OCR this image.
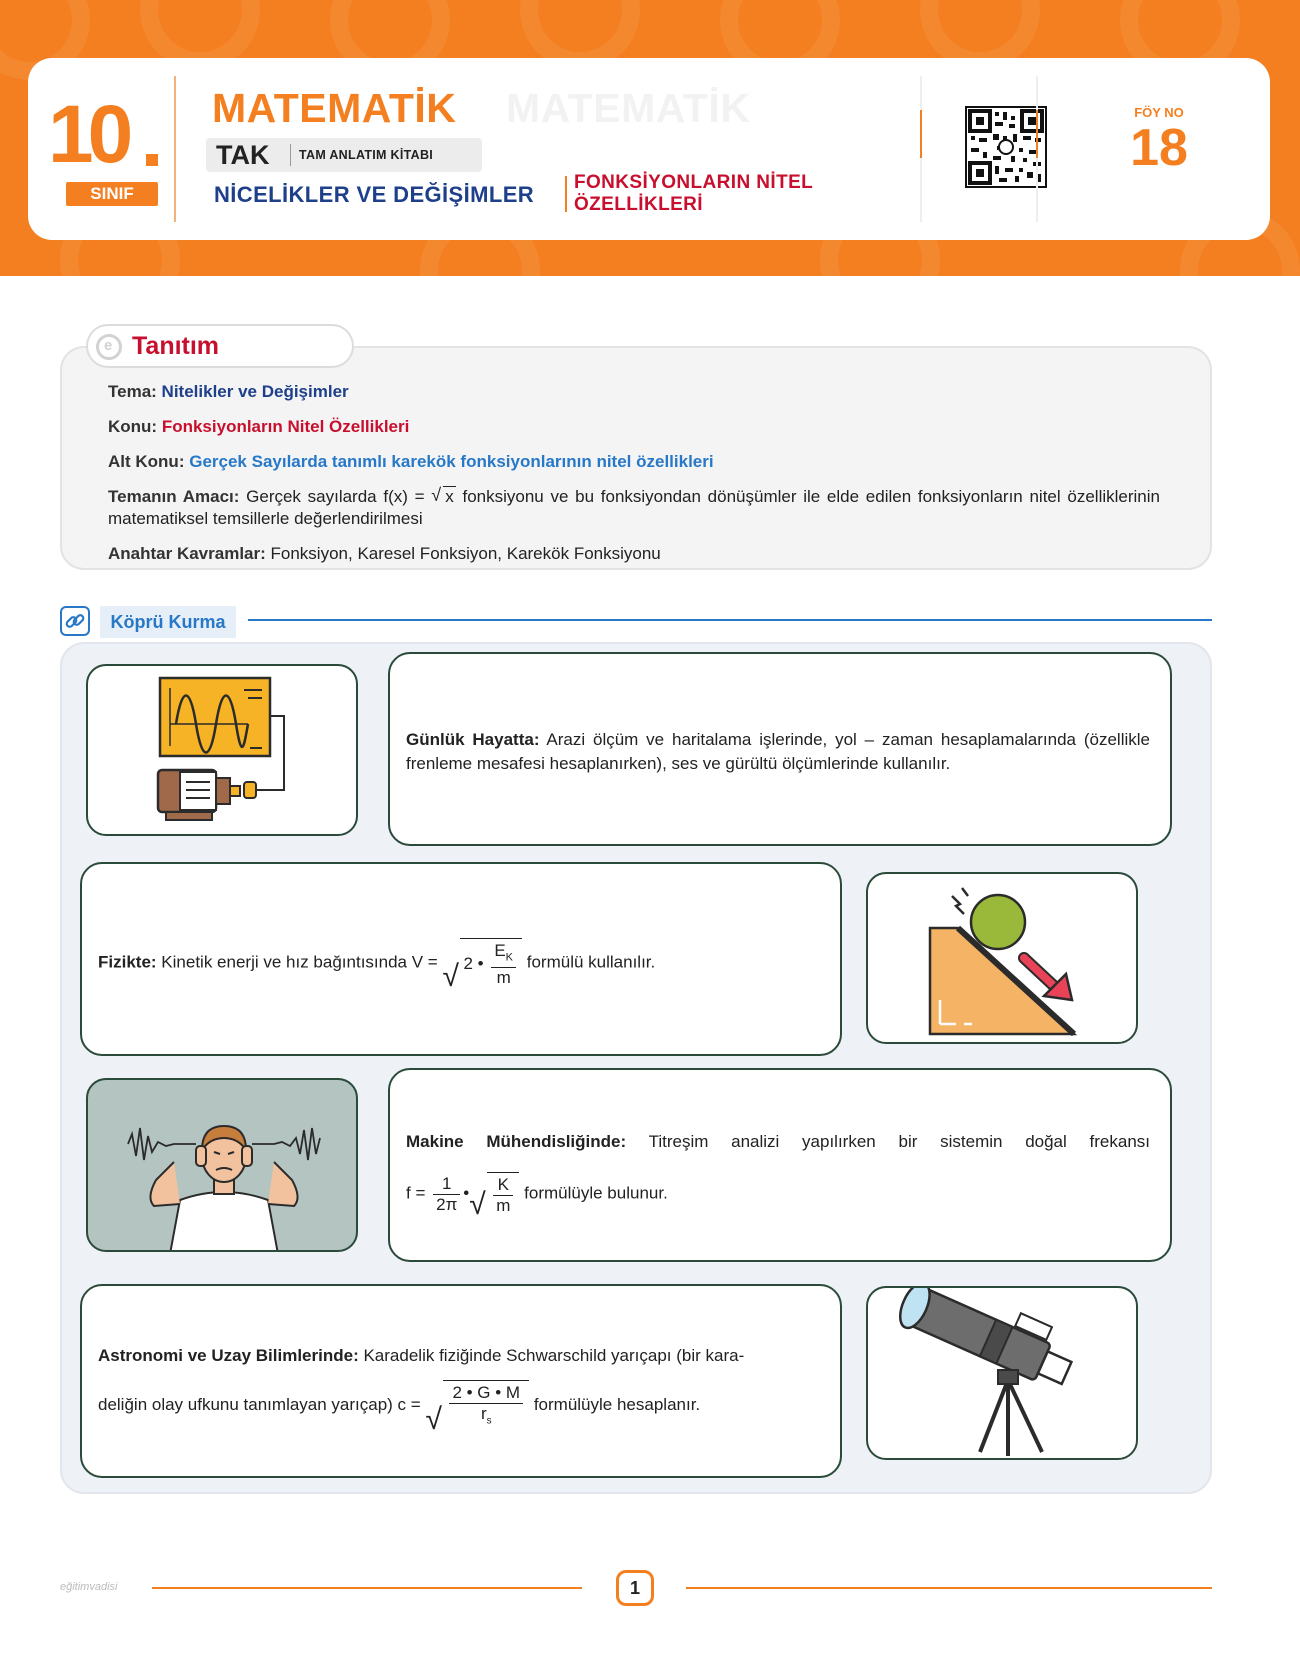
10
SINIF
MATEMATİK
MATEMATİK
TAK TAM ANLATIM KİTABI
NİCELİKLER VE DEĞİŞİMLER FONKSİYONLARIN NİTEL
ÖZELLİKLERİ
FÖY NO
18
e
Tanıtım
Tema: Nitelikler ve Değişimler
Konu: Fonksiyonların Nitel Özellikleri
Alt Konu: Gerçek Sayılarda tanımlı karekök fonksiyonlarının nitel özellikleri
Temanın Amacı: Gerçek sayılarda f(x) = √ x fonksiyonu ve bu fonksiyondan dönüşümler ile elde edilen fonksiyonların nitel özelliklerinin matematiksel temsillerle değerlendirilmesi
Anahtar Kavramlar: Fonksiyon, Karesel Fonksiyon, Karekök Fonksiyonu
Köprü Kurma
Günlük Hayatta: Arazi ölçüm ve haritalama işlerinde, yol – zaman hesaplamalarında (özellikle frenleme mesafesi hesaplanırken), ses ve gürültü ölçümlerinde kullanılır.
Fizikte: Kinetik enerji ve hız bağıntısında V = √ 2 • $\frac{E_K}{m}$ formülü kullanılır.
Makine Mühendisliğinde: Titreşim analizi yapılırken bir sistemin doğal frekansı
$f = \frac{1}{2\pi}$ • √ $\frac{K}{m}$ formülüyle bulunur.
Astronomi ve Uzay Bilimlerinde: Karadelik fiziğinde Schwarschild yarıçapı (bir kara-
deliğin olay ufkunu tanımlayan yarıçap) c = √ $\frac{2 • G • M}{r_s}$ formülüyle hesaplanır.
eğitimvadisi	1
